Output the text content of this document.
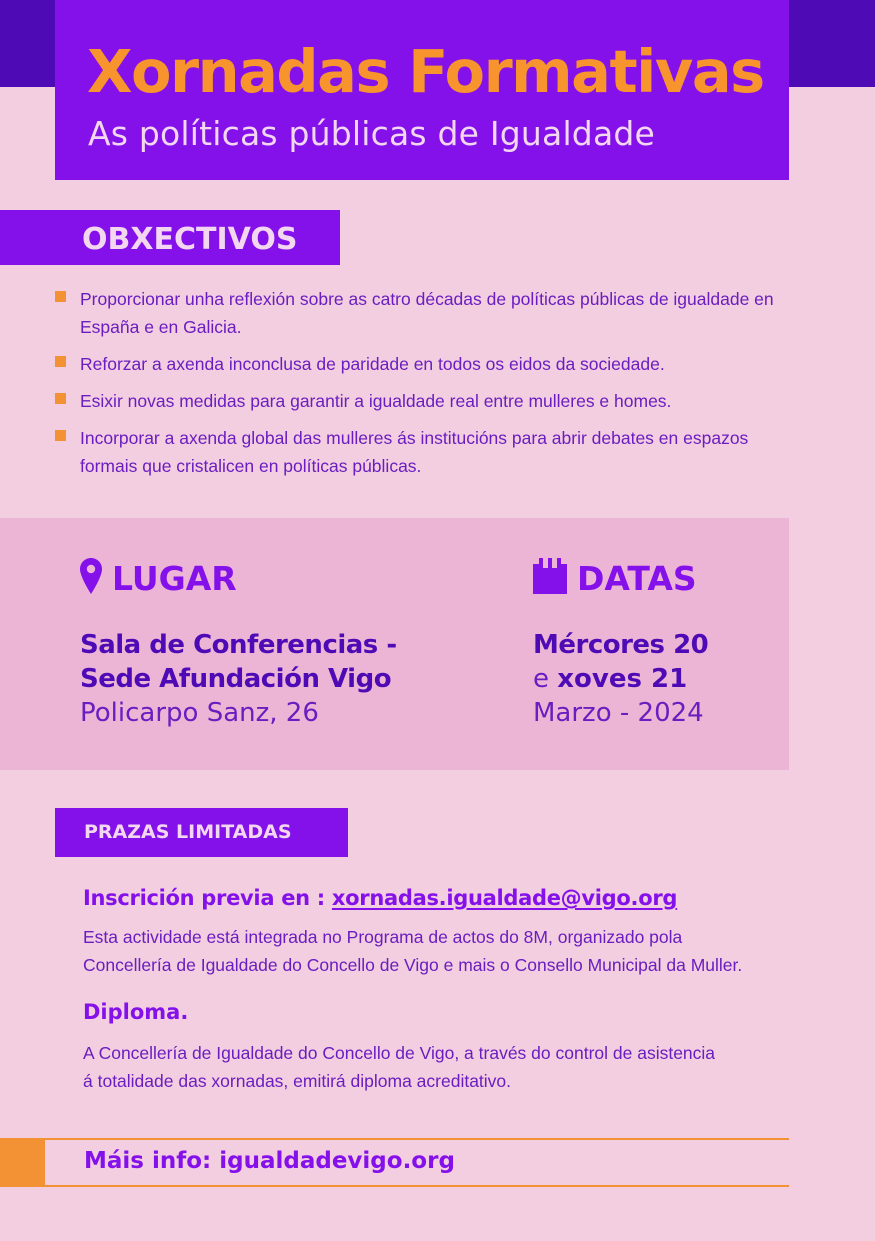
Xornadas Formativas
As políticas públicas de Igualdade
OBXECTIVOS
Proporcionar unha reflexión sobre as catro décadas de políticas públicas de igualdade en España e en Galicia.
Reforzar a axenda inconclusa de paridade en todos os eidos da sociedade.
Esixir novas medidas para garantir a igualdade real entre mulleres e homes.
Incorporar a axenda global das mulleres ás institucións para abrir debates en espazos formais que cristalicen en políticas públicas.
LUGAR
Sala de Conferencias -
Sede Afundación Vigo
Policarpo Sanz, 26
DATAS
Mércores 20
e xoves 21
Marzo - 2024
PRAZAS LIMITADAS
Inscrición previa en : xornadas.igualdade@vigo.org
Esta actividade está integrada no Programa de actos do 8M, organizado pola
Concellería de Igualdade do Concello de Vigo e mais o Consello Municipal da Muller.
Diploma.
A Concellería de Igualdade do Concello de Vigo, a través do control de asistencia
á totalidade das xornadas, emitirá diploma acreditativo.
Máis info: igualdadevigo.org
